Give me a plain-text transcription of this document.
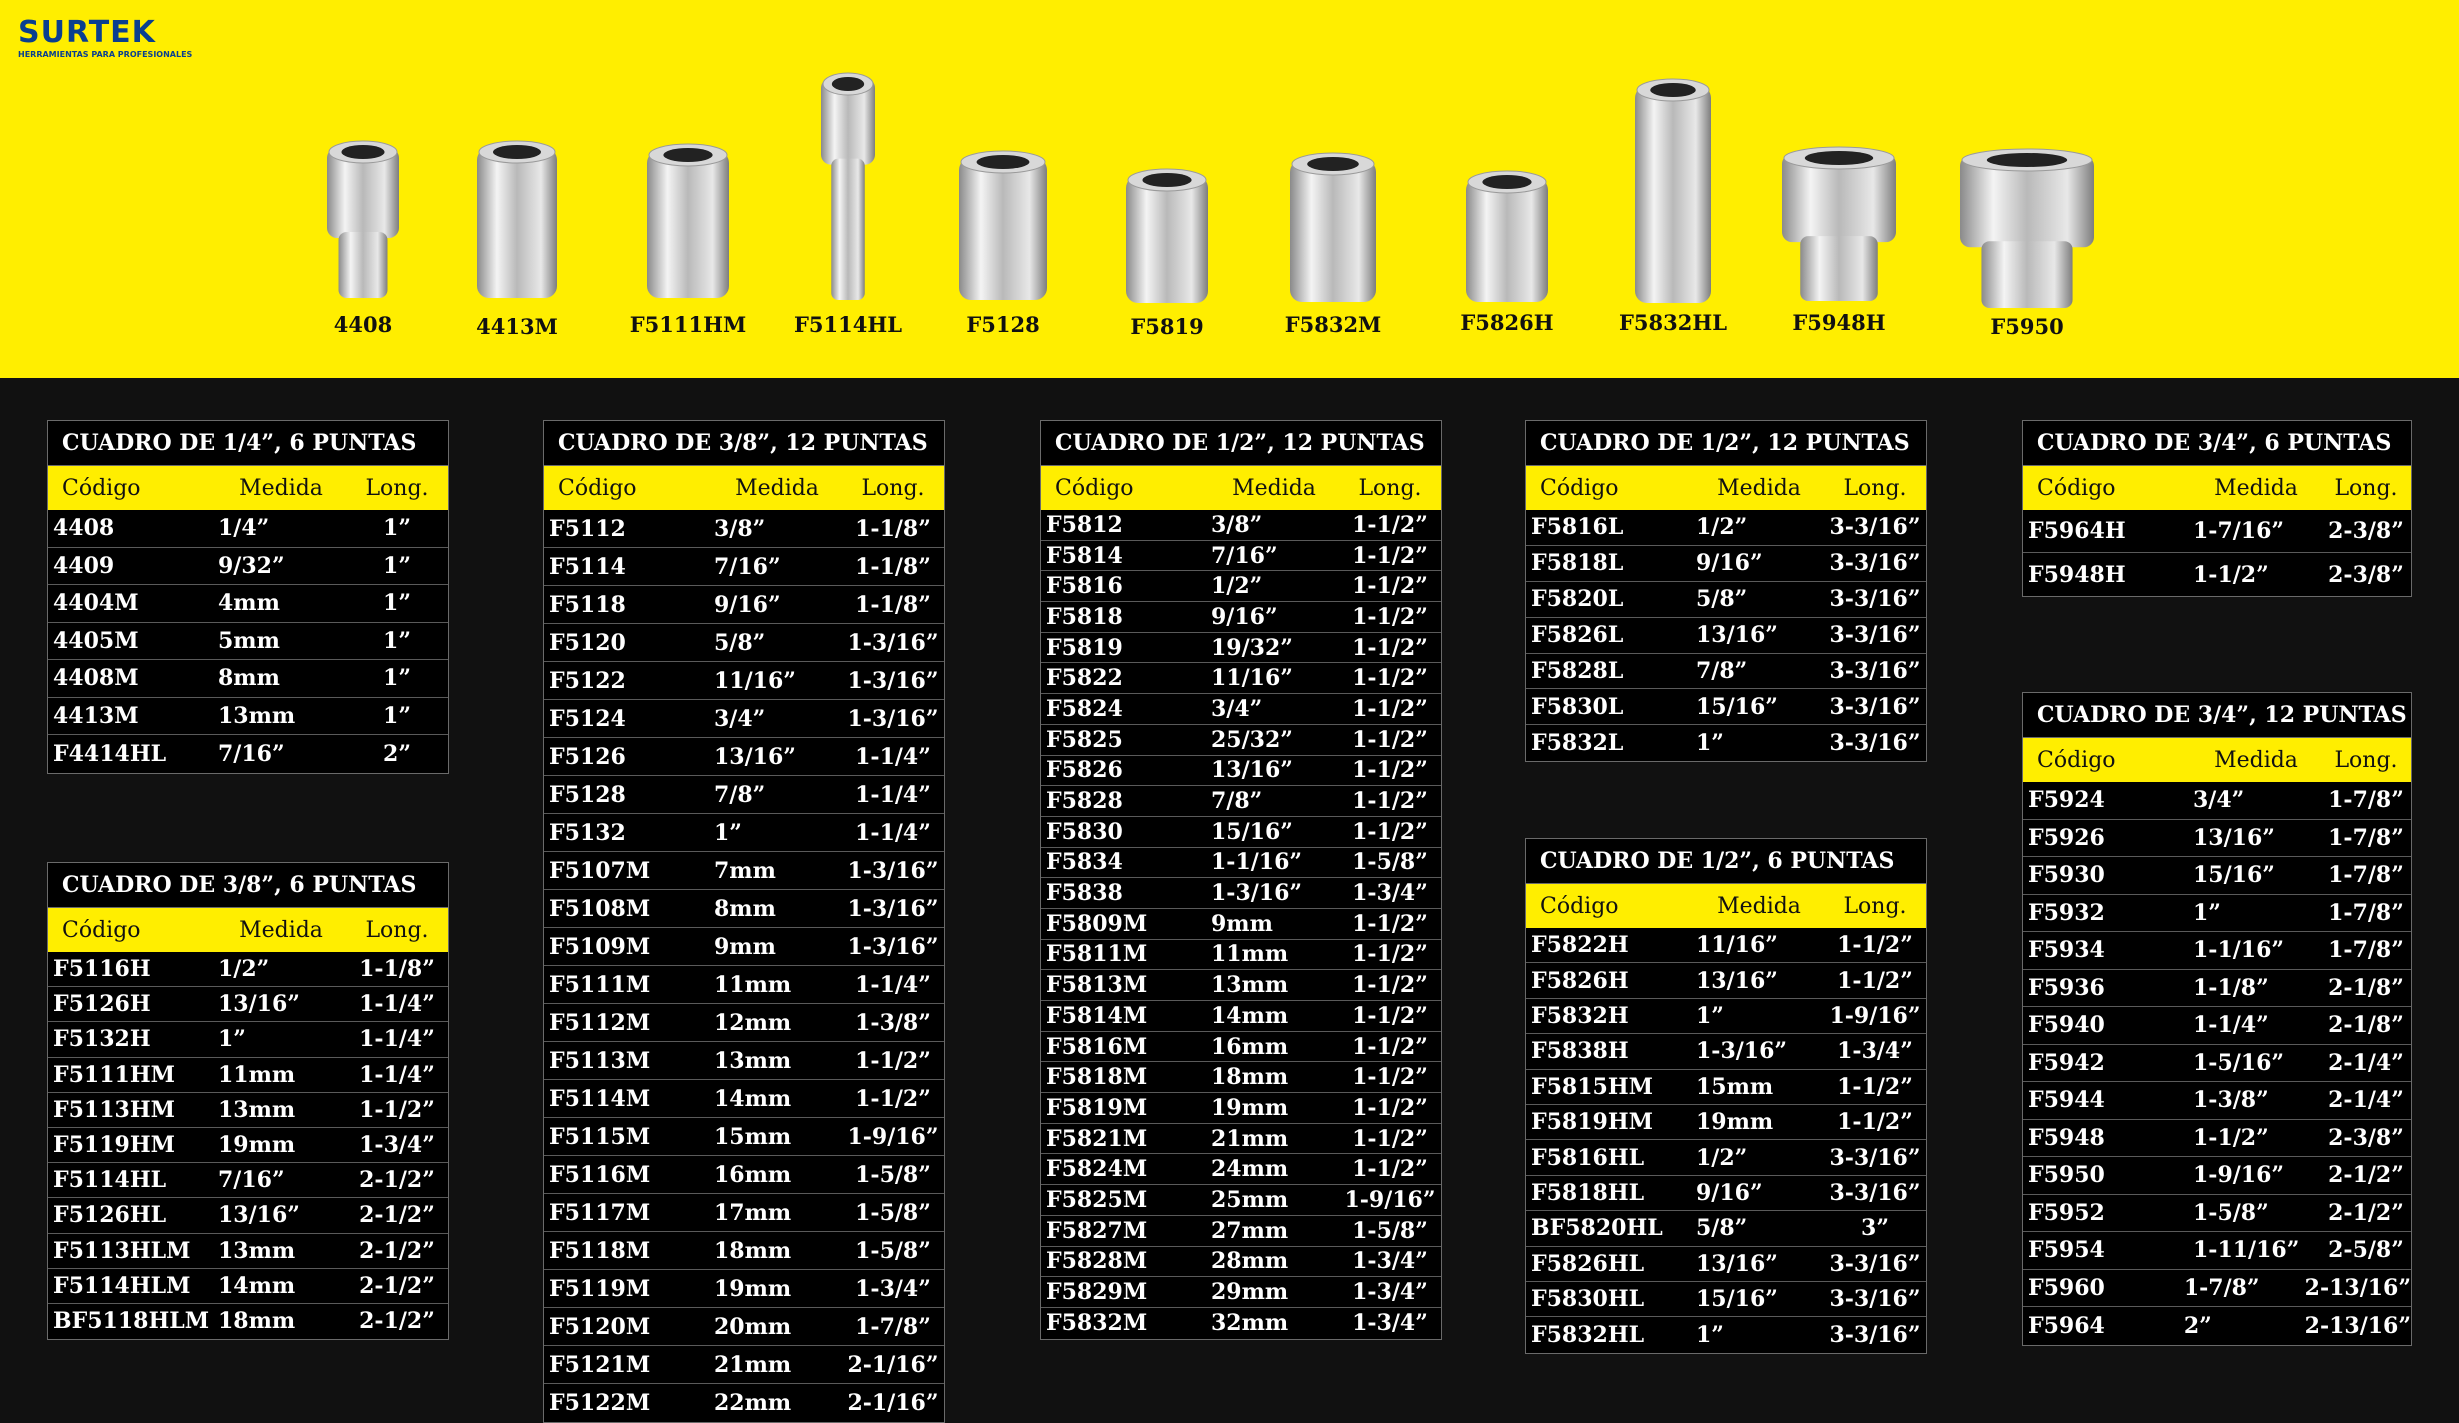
SURTEK
HERRAMIENTAS PARA PROFESIONALES
4408	4413M	F5111HM F5114HL	F5128	F5819	F5832M	F5826H	F5832HL	F5948H	F5950
CUADRO DE 1/4”, 6 PUNTAS
Código	Medida	Long.
4408	1/4”	1”
4409	9/32”	1”
4404M	4mm	1”
4405M	5mm	1”
4408M	8mm	1”
4413M	13mm	1”
F4414HL	7/16”	2”
CUADRO DE 3/8”, 6 PUNTAS
Código	Medida	Long.
F5116H	1/2”	1-1/8”
F5126H	13/16”	1-1/4”
F5132H	1”	1-1/4”
F5111HM	11mm	1-1/4”
F5113HM	13mm	1-1/2”
F5119HM	19mm	1-3/4”
F5114HL	7/16”	2-1/2”
F5126HL	13/16”	2-1/2”
F5113HLM	13mm	2-1/2”
F5114HLM	14mm	2-1/2”
BF5118HLM 18mm	2-1/2”
CUADRO DE 3/8”, 12 PUNTAS
Código	Medida	Long.
F5112	3/8”	1-1/8”
F5114	7/16”	1-1/8”
F5118	9/16”	1-1/8”
F5120	5/8”	1-3/16”
F5122	11/16”	1-3/16”
F5124	3/4”	1-3/16”
F5126	13/16”	1-1/4”
F5128	7/8”	1-1/4”
F5132	1”	1-1/4”
F5107M	7mm	1-3/16”
F5108M	8mm	1-3/16”
F5109M	9mm	1-3/16”
F5111M	11mm	1-1/4”
F5112M	12mm	1-3/8”
F5113M	13mm	1-1/2”
F5114M	14mm	1-1/2”
F5115M	15mm	1-9/16”
F5116M	16mm	1-5/8”
F5117M	17mm	1-5/8”
F5118M	18mm	1-5/8”
F5119M	19mm	1-3/4”
F5120M	20mm	1-7/8”
F5121M	21mm	2-1/16”
F5122M	22mm	2-1/16”
CUADRO DE 1/2”, 12 PUNTAS
Código	Medida	Long.
F5812	3/8”	1-1/2”
F5814	7/16”	1-1/2”
F5816	1/2”	1-1/2”
F5818	9/16”	1-1/2”
F5819	19/32”	1-1/2”
F5822	11/16”	1-1/2”
F5824	3/4”	1-1/2”
F5825	25/32”	1-1/2”
F5826	13/16”	1-1/2”
F5828	7/8”	1-1/2”
F5830	15/16”	1-1/2”
F5834	1-1/16”	1-5/8”
F5838	1-3/16”	1-3/4”
F5809M	9mm	1-1/2”
F5811M	11mm	1-1/2”
F5813M	13mm	1-1/2”
F5814M	14mm	1-1/2”
F5816M	16mm	1-1/2”
F5818M	18mm	1-1/2”
F5819M	19mm	1-1/2”
F5821M	21mm	1-1/2”
F5824M	24mm	1-1/2”
F5825M	25mm	1-9/16”
F5827M	27mm	1-5/8”
F5828M	28mm	1-3/4”
F5829M	29mm	1-3/4”
F5832M	32mm	1-3/4”
CUADRO DE 1/2”, 12 PUNTAS
Código	Medida	Long.
F5816L	1/2”	3-3/16”
F5818L	9/16”	3-3/16”
F5820L	5/8”	3-3/16”
F5826L	13/16”	3-3/16”
F5828L	7/8”	3-3/16”
F5830L	15/16”	3-3/16”
F5832L	1”	3-3/16”
CUADRO DE 1/2”, 6 PUNTAS
Código	Medida	Long.
F5822H	11/16”	1-1/2”
F5826H	13/16”	1-1/2”
F5832H	1”	1-9/16”
F5838H	1-3/16”	1-3/4”
F5815HM	15mm	1-1/2”
F5819HM	19mm	1-1/2”
F5816HL	1/2”	3-3/16”
F5818HL	9/16”	3-3/16”
BF5820HL	5/8”	3”
F5826HL	13/16”	3-3/16”
F5830HL	15/16”	3-3/16”
F5832HL	1”	3-3/16”
CUADRO DE 3/4”, 6 PUNTAS
Código	Medida	Long.
F5964H	1-7/16”	2-3/8”
F5948H	1-1/2”	2-3/8”
CUADRO DE 3/4”, 12 PUNTAS
Código	Medida	Long.
F5924	3/4”	1-7/8”
F5926	13/16”	1-7/8”
F5930	15/16”	1-7/8”
F5932	1”	1-7/8”
F5934	1-1/16”	1-7/8”
F5936	1-1/8”	2-1/8”
F5940	1-1/4”	2-1/8”
F5942	1-5/16”	2-1/4”
F5944	1-3/8”	2-1/4”
F5948	1-1/2”	2-3/8”
F5950	1-9/16”	2-1/2”
F5952	1-5/8”	2-1/2”
F5954	1-11/16”	2-5/8”
F5960	1-7/8”	2-13/16”
F5964	2”	2-13/16”
